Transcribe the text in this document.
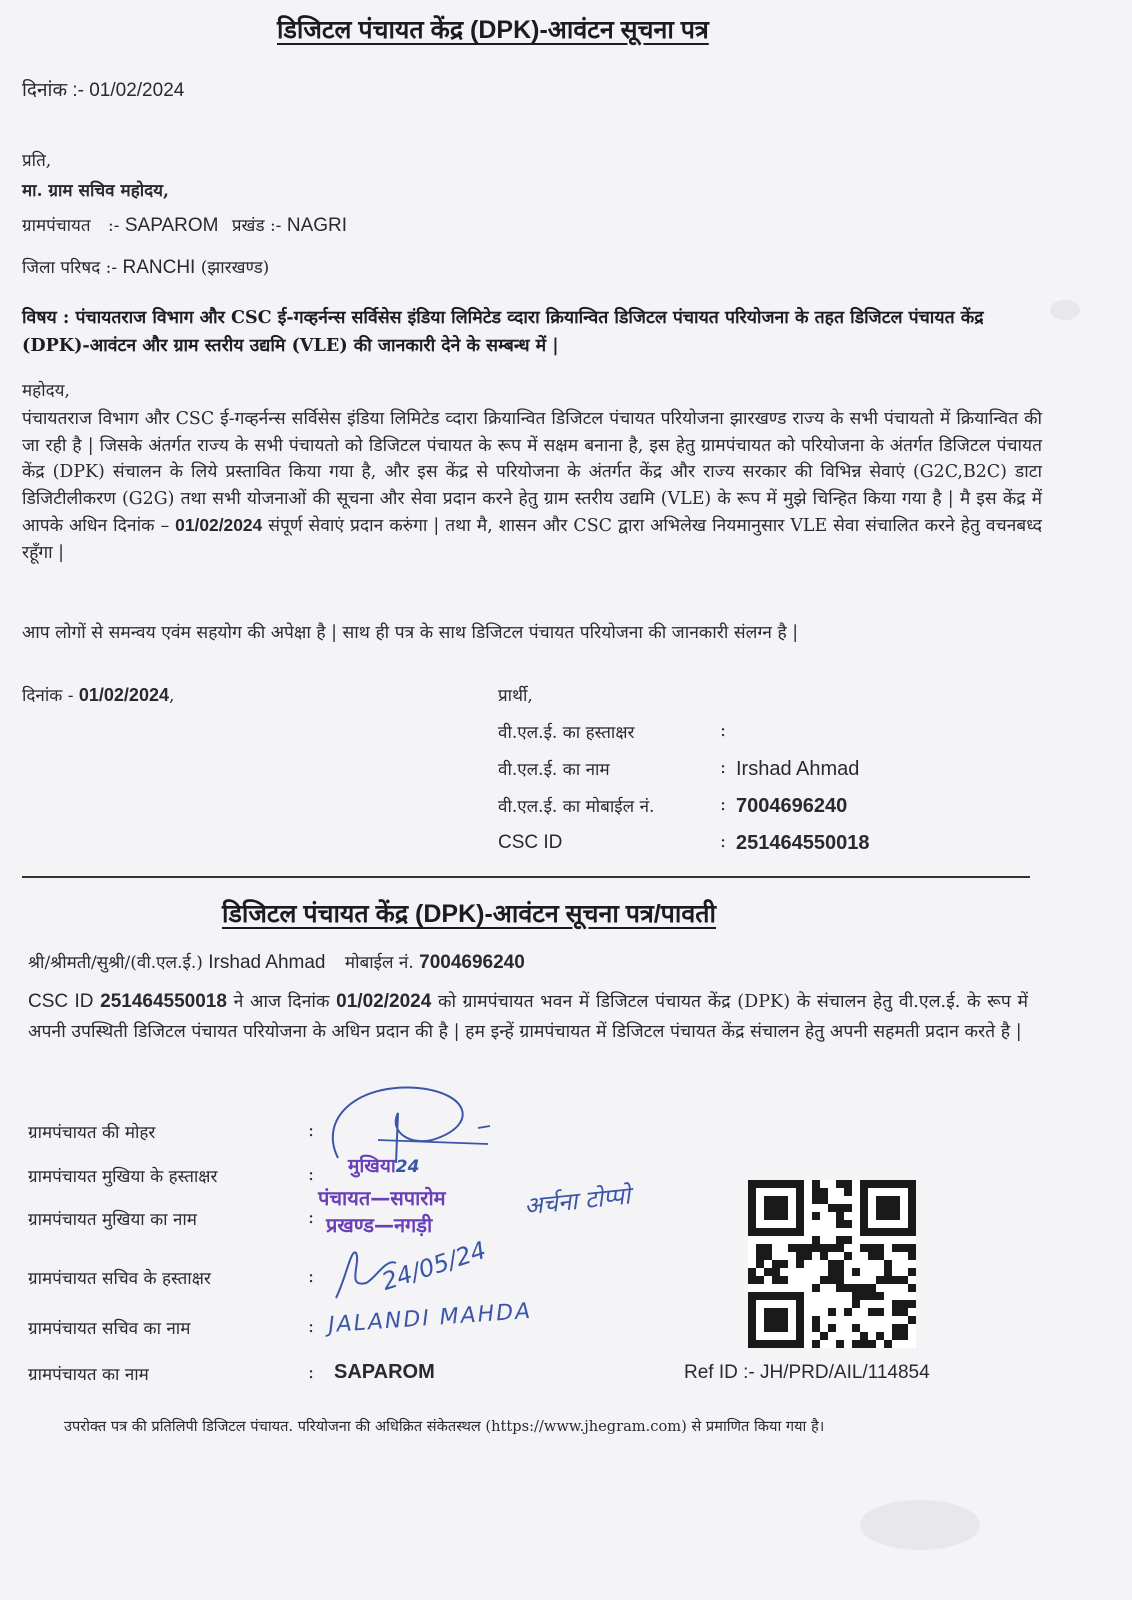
डिजिटल पंचायत केंद्र (DPK)-आवंटन सूचना पत्र
दिनांक :- 01/02/2024
प्रति,
मा. ग्राम सचिव महोदय,
ग्रामपंचायत :- SAPAROM प्रखंड :- NAGRI
जिला परिषद :- RANCHI (झारखण्ड)
विषय : पंचायतराज विभाग और CSC ई-गव्हर्नन्स सर्विसेस इंडिया लिमिटेड व्दारा क्रियान्वित डिजिटल पंचायत परियोजना के तहत डिजिटल पंचायत केंद्र (DPK)-आवंटन और ग्राम स्तरीय उद्यमि (VLE) की जानकारी देने के सम्बन्ध में |
महोदय,
पंचायतराज विभाग और CSC ई-गव्हर्नन्स सर्विसेस इंडिया लिमिटेड व्दारा क्रियान्वित डिजिटल पंचायत परियोजना झारखण्ड राज्य के सभी पंचायतो में क्रियान्वित की जा रही है | जिसके अंतर्गत राज्य के सभी पंचायतो को डिजिटल पंचायत के रूप में सक्षम बनाना है, इस हेतु ग्रामपंचायत को परियोजना के अंतर्गत डिजिटल पंचायत केंद्र (DPK) संचालन के लिये प्रस्तावित किया गया है, और इस केंद्र से परियोजना के अंतर्गत केंद्र और राज्य सरकार की विभिन्न सेवाएं (G2C,B2C) डाटा डिजिटीलीकरण (G2G) तथा सभी योजनाओं की सूचना और सेवा प्रदान करने हेतु ग्राम स्तरीय उद्यमि (VLE) के रूप में मुझे चिन्हित किया गया है | मै इस केंद्र में आपके अधिन दिनांक – 01/02/2024 संपूर्ण सेवाएं प्रदान करुंगा | तथा मै, शासन और CSC द्वारा अभिलेख नियमानुसार VLE सेवा संचालित करने हेतु वचनबध्द रहूँगा |
आप लोगों से समन्वय एवंम सहयोग की अपेक्षा है | साथ ही पत्र के साथ डिजिटल पंचायत परियोजना की जानकारी संलग्न है |
दिनांक - 01/02/2024,	प्रार्थी,
वी.एल.ई. का हस्ताक्षर	:
वी.एल.ई. का नाम	: Irshad Ahmad
वी.एल.ई. का मोबाईल नं.	: 7004696240
CSC ID	: 251464550018
डिजिटल पंचायत केंद्र (DPK)-आवंटन सूचना पत्र/पावती
श्री/श्रीमती/सुश्री/(वी.एल.ई.) Irshad Ahmad मोबाईल नं. 7004696240
CSC ID 251464550018 ने आज दिनांक 01/02/2024 को ग्रामपंचायत भवन में डिजिटल पंचायत केंद्र (DPK) के संचालन हेतु वी.एल.ई. के रूप में अपनी उपस्थिती डिजिटल पंचायत परियोजना के अधिन प्रदान की है | हम इन्हें ग्रामपंचायत में डिजिटल पंचायत केंद्र संचालन हेतु अपनी सहमती प्रदान करते है |
ग्रामपंचायत की मोहर	:
ग्रामपंचायत मुखिया के हस्ताक्षर	:
ग्रामपंचायत मुखिया का नाम	:
ग्रामपंचायत सचिव के हस्ताक्षर	:
ग्रामपंचायत सचिव का नाम	:
ग्रामपंचायत का नाम	: SAPAROM
मुखिया24
पंचायत—सपारोम
प्रखण्ड—नगड़ी
अर्चना टोप्पो
24/05/24
JALANDI MAHDA
Ref ID :- JH/PRD/AIL/114854
उपरोक्त पत्र की प्रतिलिपी डिजिटल पंचायत. परियोजना की अधिक्रित संकेतस्थल (https://www.jhegram.com) से प्रमाणित किया गया है।
